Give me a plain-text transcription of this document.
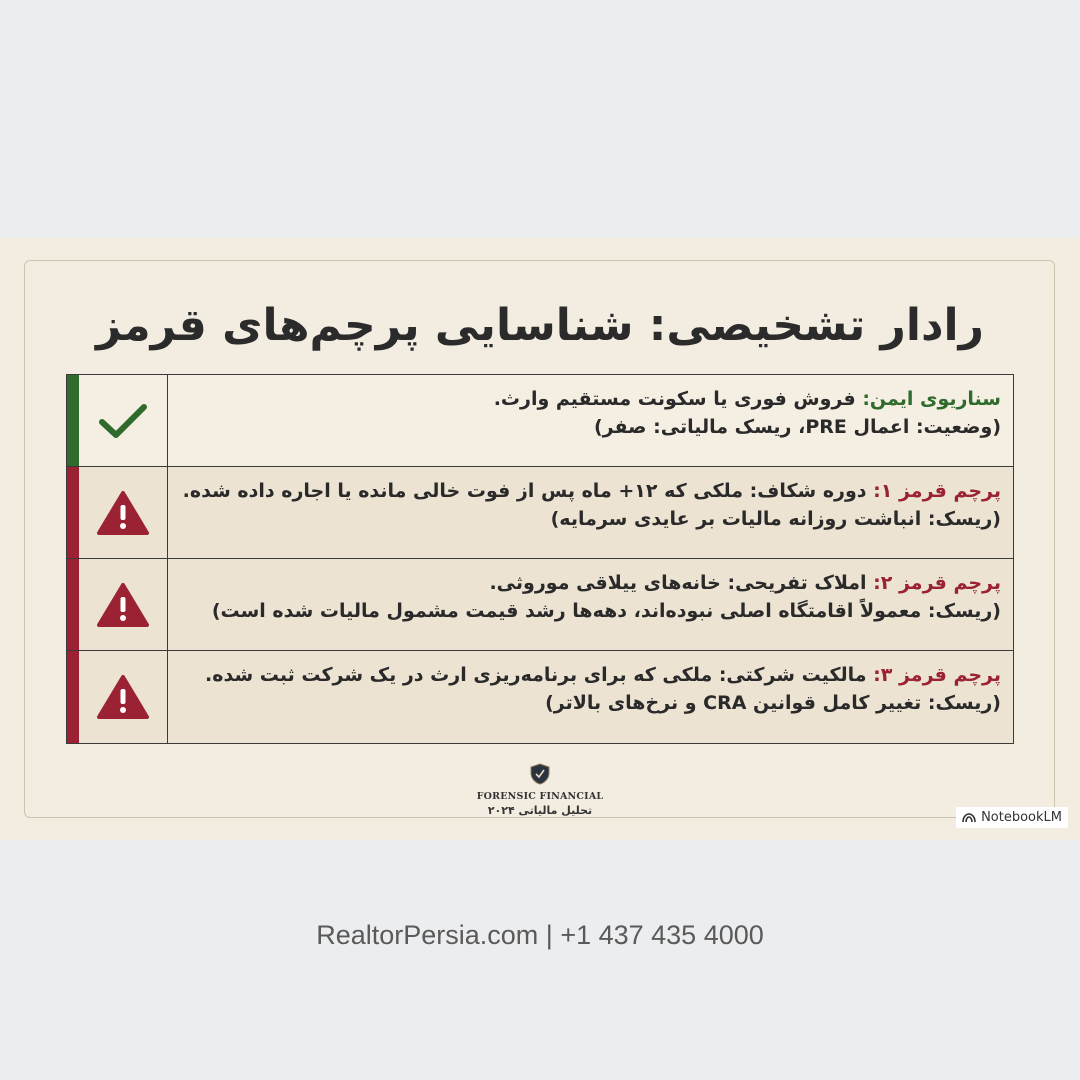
رادار تشخیصی: شناسایی پرچم‌های قرمز
سناریوی ایمن: فروش فوری یا سکونت مستقیم وارث.
(وضعیت: اعمال PRE، ریسک مالیاتی: صفر)
پرچم قرمز ۱: دوره شکاف: ملکی که ۱۲+ ماه پس از فوت خالی مانده یا اجاره داده شده.
(ریسک: انباشت روزانه مالیات بر عایدی سرمایه)
پرچم قرمز ۲: املاک تفریحی: خانه‌های ییلاقی موروثی.
(ریسک: معمولاً اقامتگاه اصلی نبوده‌اند، دهه‌ها رشد قیمت مشمول مالیات شده است)
پرچم قرمز ۳: مالکیت شرکتی: ملکی که برای برنامه‌ریزی ارث در یک شرکت ثبت شده.
(ریسک: تغییر کامل قوانین CRA و نرخ‌های بالاتر)
FORENSIC FINANCIAL
تحلیل مالیاتی ۲۰۲۴	NotebookLM
RealtorPersia.com | +1 437 435 4000
